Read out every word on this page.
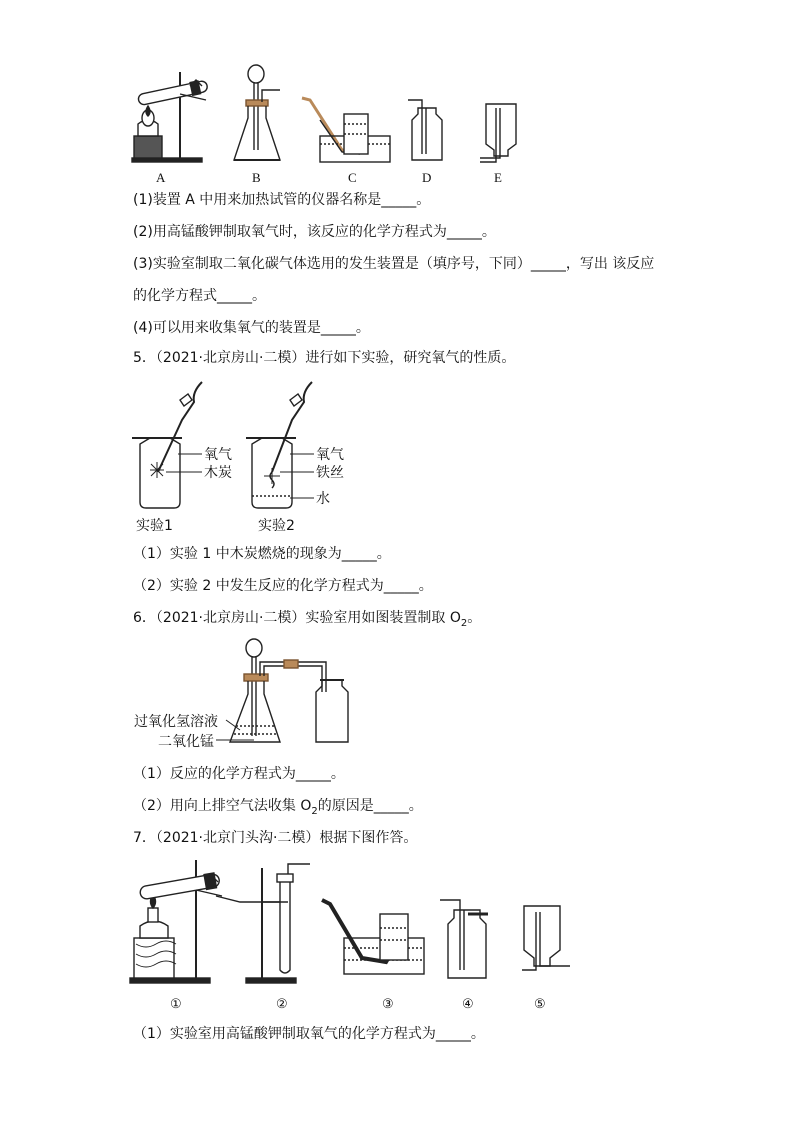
A	B	C	D	E
(1)装置 A 中用来加热试管的仪器名称是_____。
(2)用高锰酸钾制取氧气时，该反应的化学方程式为_____。
(3)实验室制取二氧化碳气体选用的发生装置是（填序号，下同）_____，写出 该反应
的化学方程式_____。
(4)可以用来收集氧气的装置是_____。
5．（2021·北京房山·二模）进行如下实验，研究氧气的性质。
氧气
木炭
实验1
氧气
铁丝
水
实验2
（1）实验 1 中木炭燃烧的现象为_____。
（2）实验 2 中发生反应的化学方程式为_____。
6．（2021·北京房山·二模）实验室用如图装置制取 $O_2$。
过氧化氢溶液
二氧化锰
（1）反应的化学方程式为_____。
（2）用向上排空气法收集 $O_2$的原因是_____。
7．（2021·北京门头沟·二模）根据下图作答。
①	②	③	④	⑤
（1）实验室用高锰酸钾制取氧气的化学方程式为_____。
